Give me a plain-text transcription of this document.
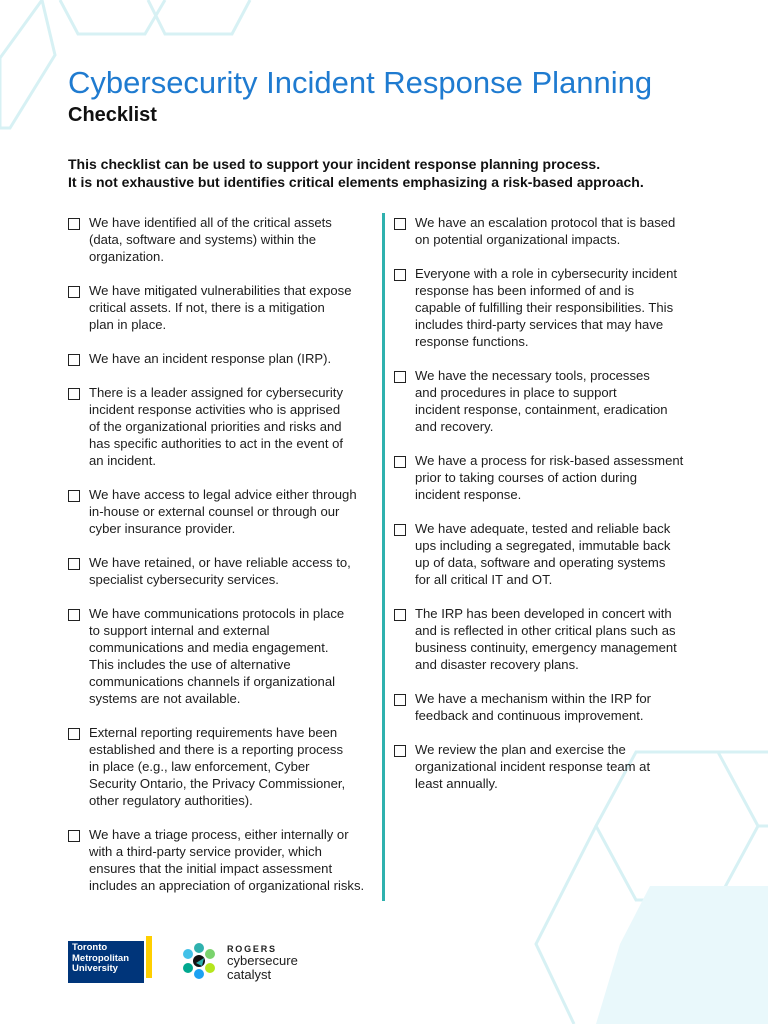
Cybersecurity Incident Response Planning
Checklist
This checklist can be used to support your incident response planning process.
It is not exhaustive but identifies critical elements emphasizing a risk-based approach.
We have identified all of the critical assets
(data, software and systems) within the
organization.
We have mitigated vulnerabilities that expose
critical assets. If not, there is a mitigation
plan in place.
We have an incident response plan (IRP).
There is a leader assigned for cybersecurity
incident response activities who is apprised
of the organizational priorities and risks and
has specific authorities to act in the event of
an incident.
We have access to legal advice either through
in-house or external counsel or through our
cyber insurance provider.
We have retained, or have reliable access to,
specialist cybersecurity services.
We have communications protocols in place
to support internal and external
communications and media engagement.
This includes the use of alternative
communications channels if organizational
systems are not available.
External reporting requirements have been
established and there is a reporting process
in place (e.g., law enforcement, Cyber
Security Ontario, the Privacy Commissioner,
other regulatory authorities).
We have a triage process, either internally or
with a third-party service provider, which
ensures that the initial impact assessment
includes an appreciation of organizational risks.
We have an escalation protocol that is based
on potential organizational impacts.
Everyone with a role in cybersecurity incident
response has been informed of and is
capable of fulfilling their responsibilities. This
includes third-party services that may have
response functions.
We have the necessary tools, processes
and procedures in place to support
incident response, containment, eradication
and recovery.
We have a process for risk-based assessment
prior to taking courses of action during
incident response.
We have adequate, tested and reliable back
ups including a segregated, immutable back
up of data, software and operating systems
for all critical IT and OT.
The IRP has been developed in concert with
and is reflected in other critical plans such as
business continuity, emergency management
and disaster recovery plans.
We have a mechanism within the IRP for
feedback and continuous improvement.
We review the plan and exercise the
organizational incident response team at
least annually.
Toronto
Metropolitan
University
ROGERS
cybersecure
catalyst
